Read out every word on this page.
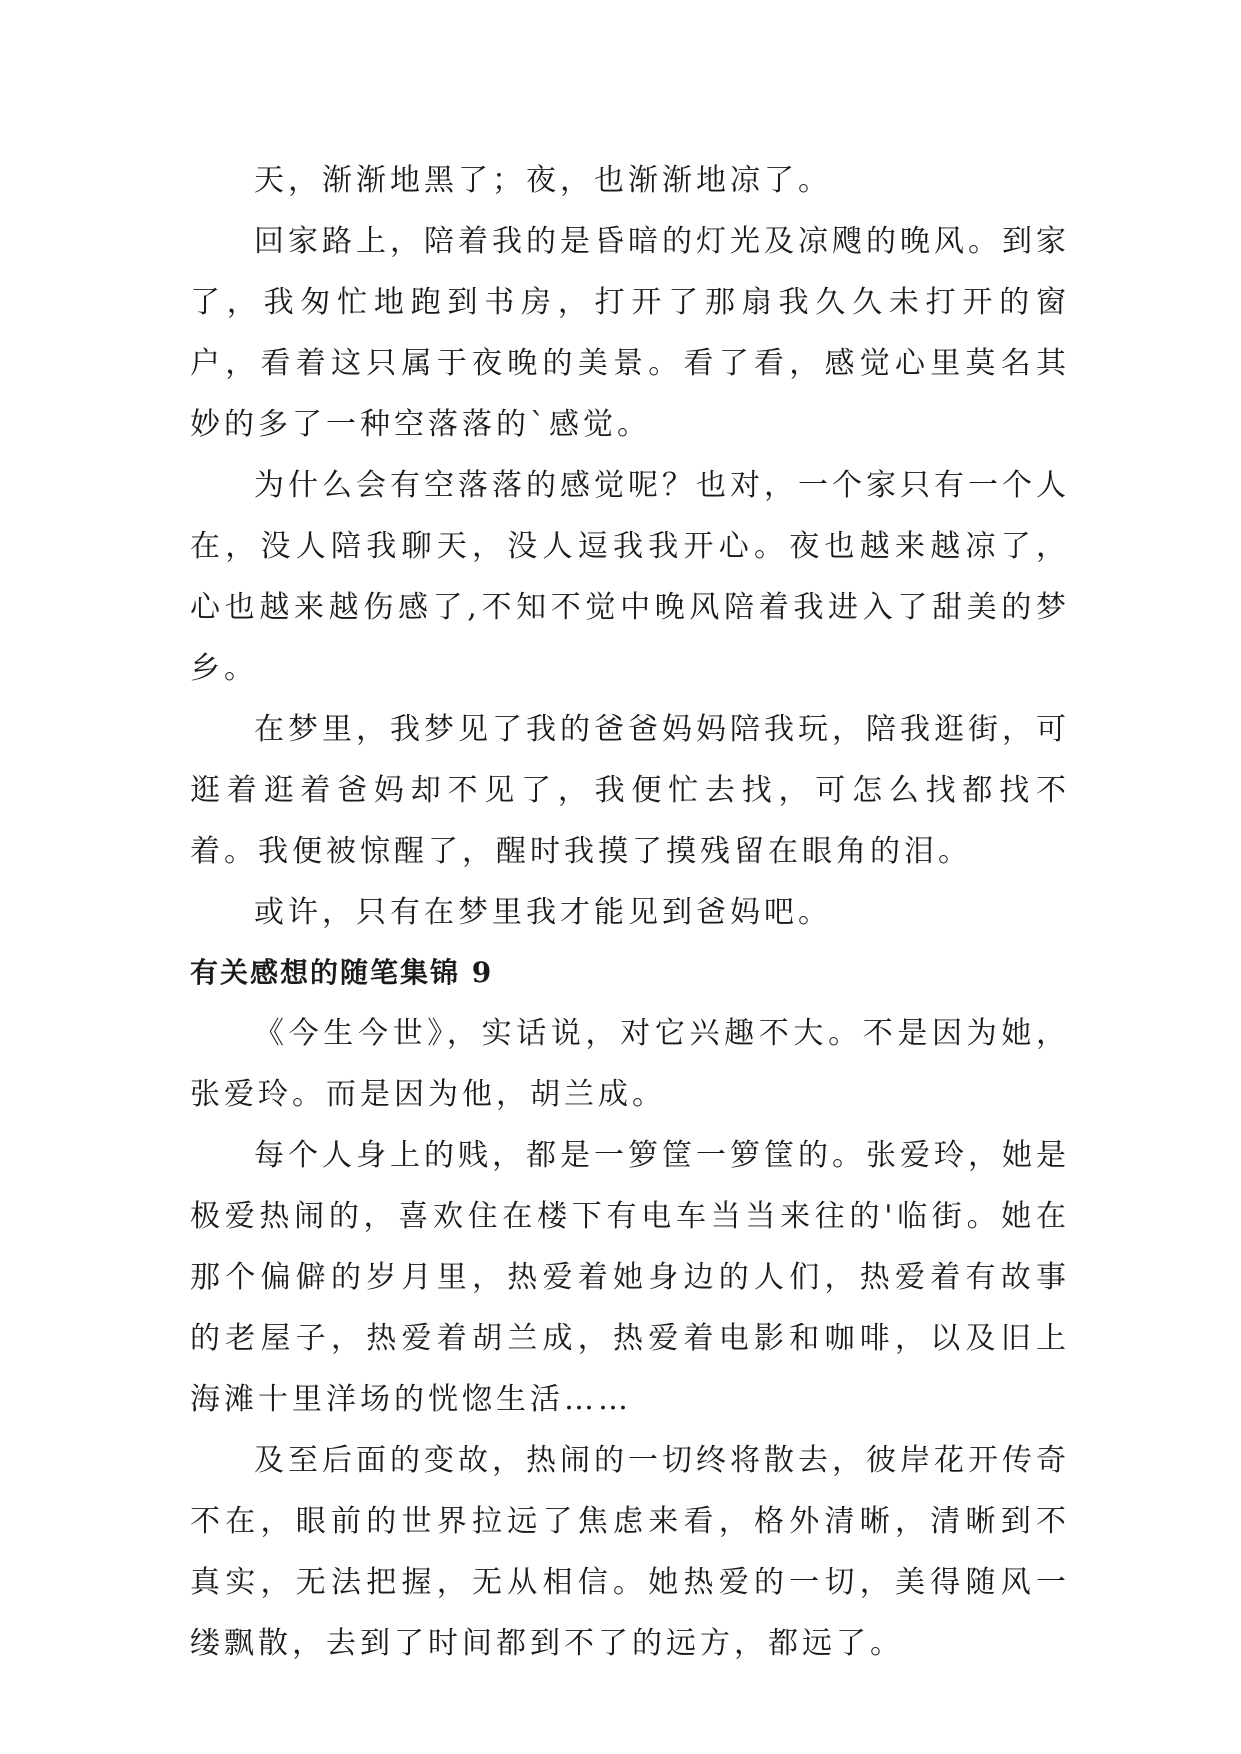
天，渐渐地黑了；夜，也渐渐地凉了。

回家路上，陪着我的是昏暗的灯光及凉飕的晚风。到家了，我匆忙地跑到书房，打开了那扇我久久未打开的窗户，看着这只属于夜晚的美景。看了看，感觉心里莫名其妙的多了一种空落落的`感觉。

为什么会有空落落的感觉呢？也对，一个家只有一个人在，没人陪我聊天，没人逗我我开心。夜也越来越凉了，心也越来越伤感了,不知不觉中晚风陪着我进入了甜美的梦乡。

在梦里，我梦见了我的爸爸妈妈陪我玩，陪我逛街，可逛着逛着爸妈却不见了，我便忙去找，可怎么找都找不着。我便被惊醒了，醒时我摸了摸残留在眼角的泪。

或许，只有在梦里我才能见到爸妈吧。

有关感想的随笔集锦 9

《今生今世》，实话说，对它兴趣不大。不是因为她，张爱玲。而是因为他，胡兰成。

每个人身上的贱，都是一箩筐一箩筐的。张爱玲，她是极爱热闹的，喜欢住在楼下有电车当当来往的'临街。她在那个偏僻的岁月里，热爱着她身边的人们，热爱着有故事的老屋子，热爱着胡兰成，热爱着电影和咖啡，以及旧上海滩十里洋场的恍惚生活……

及至后面的变故，热闹的一切终将散去，彼岸花开传奇不在，眼前的世界拉远了焦虑来看，格外清晰，清晰到不真实，无法把握，无从相信。她热爱的一切，美得随风一缕飘散，去到了时间都到不了的远方，都远了。
